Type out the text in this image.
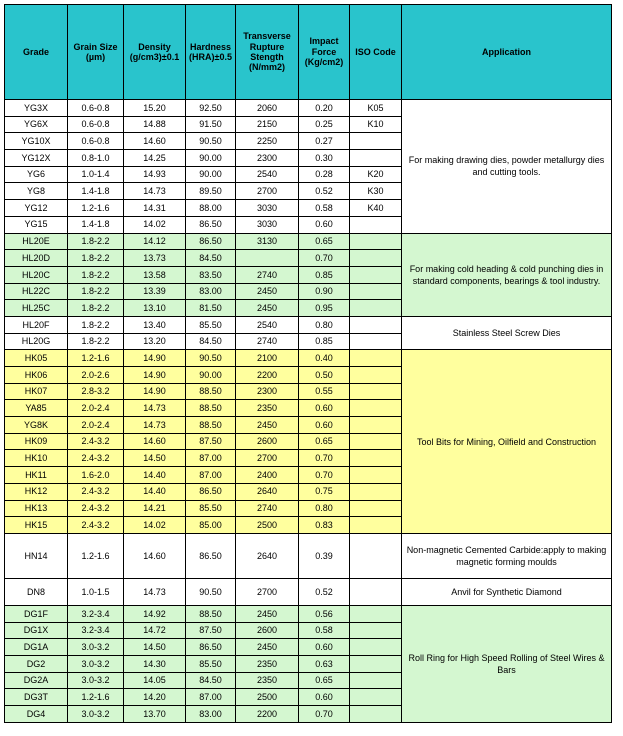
Grade	Grain Size (µm)	Density (g/cm3)±0.1	Hardness (HRA)±0.5	Transverse Rupture Stength (N/mm2)	Impact Force (Kg/cm2)	ISO Code	Application
YG3X	0.6-0.8	15.20	92.50	2060	0.20	K05	For making drawing dies, powder metallurgy dies and cutting tools.
YG6X	0.6-0.8	14.88	91.50	2150	0.25	K10	
YG10X	0.6-0.8	14.60	90.50	2250	0.27		
YG12X	0.8-1.0	14.25	90.00	2300	0.30		
YG6	1.0-1.4	14.93	90.00	2540	0.28	K20	
YG8	1.4-1.8	14.73	89.50	2700	0.52	K30	
YG12	1.2-1.6	14.31	88.00	3030	0.58	K40	
YG15	1.4-1.8	14.02	86.50	3030	0.60		
HL20E	1.8-2.2	14.12	86.50	3130	0.65		For making cold heading & cold punching dies in standard components, bearings & tool industry.
HL20D	1.8-2.2	13.73	84.50		0.70		
HL20C	1.8-2.2	13.58	83.50	2740	0.85		
HL22C	1.8-2.2	13.39	83.00	2450	0.90		
HL25C	1.8-2.2	13.10	81.50	2450	0.95		
HL20F	1.8-2.2	13.40	85.50	2540	0.80		Stainless Steel Screw Dies
HL20G	1.8-2.2	13.20	84.50	2740	0.85		
HK05	1.2-1.6	14.90	90.50	2100	0.40		Tool Bits for Mining, Oilfield and Construction
HK06	2.0-2.6	14.90	90.00	2200	0.50		
HK07	2.8-3.2	14.90	88.50	2300	0.55		
YA85	2.0-2.4	14.73	88.50	2350	0.60		
YG8K	2.0-2.4	14.73	88.50	2450	0.60		
HK09	2.4-3.2	14.60	87.50	2600	0.65		
HK10	2.4-3.2	14.50	87.00	2700	0.70		
HK11	1.6-2.0	14.40	87.00	2400	0.70		
HK12	2.4-3.2	14.40	86.50	2640	0.75		
HK13	2.4-3.2	14.21	85.50	2740	0.80		
HK15	2.4-3.2	14.02	85.00	2500	0.83		
HN14	1.2-1.6	14.60	86.50	2640	0.39		Non-magnetic Cemented Carbide:apply to making magnetic forming moulds
DN8	1.0-1.5	14.73	90.50	2700	0.52		Anvil for Synthetic Diamond
DG1F	3.2-3.4	14.92	88.50	2450	0.56		Roll Ring for High Speed Rolling of Steel Wires & Bars
DG1X	3.2-3.4	14.72	87.50	2600	0.58		
DG1A	3.0-3.2	14.50	86.50	2450	0.60		
DG2	3.0-3.2	14.30	85.50	2350	0.63		
DG2A	3.0-3.2	14.05	84.50	2350	0.65		
DG3T	1.2-1.6	14.20	87.00	2500	0.60		
DG4	3.0-3.2	13.70	83.00	2200	0.70		
